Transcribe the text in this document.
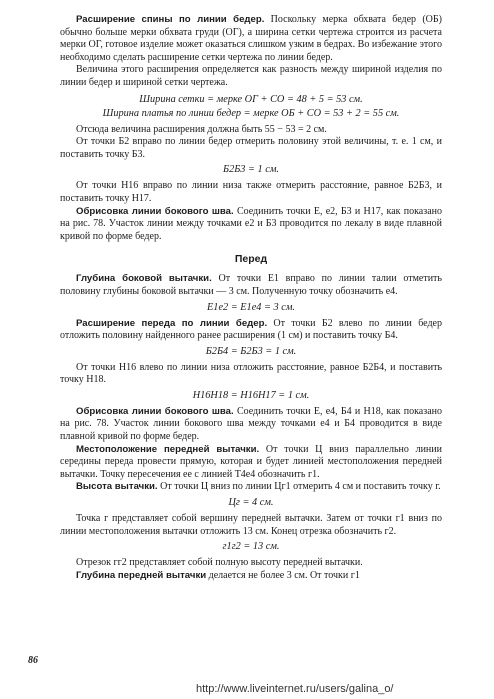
Расширение спины по линии бедер. Поскольку мерка обхвата бедер (ОБ) обычно больше мерки обхвата груди (ОГ), а ширина сетки чертежа строится из расчета мерки ОГ, готовое изделие может оказаться слишком узким в бедрах. Во избежание этого необходимо сделать расширение сетки чертежа по линии бедер.

Величина этого расширения определяется как разность между шириной изделия по линии бедер и шириной сетки чертежа.

Ширина сетки = мерке ОГ + СО = 48 + 5 = 53 см.
Ширина платья по линии бедер = мерке ОБ + СО = 53 + 2 = 55 см.

Отсюда величина расширения должна быть 55 − 53 = 2 см.

От точки Б2 вправо по линии бедер отмерить половину этой величины, т. е. 1 см, и поставить точку Б3.

Б2Б3 = 1 см.

От точки Н16 вправо по линии низа также отмерить расстояние, равное Б2Б3, и поставить точку Н17.

Обрисовка линии бокового шва. Соединить точки Е, е2, Б3 и Н17, как показано на рис. 78. Участок линии между точками е2 и Б3 проводится по лекалу в виде плавной кривой по форме бедер.

Перед

Глубина боковой вытачки. От точки Е1 вправо по линии талии отметить половину глубины боковой вытачки — 3 см. Полученную точку обозначить е4.

Е1е2 = Е1е4 = 3 см.

Расширение переда по линии бедер. От точки Б2 влево по линии бедер отложить половину найденного ранее расширения (1 см) и поставить точку Б4.

Б2Б4 = Б2Б3 = 1 см.

От точки Н16 влево по линии низа отложить расстояние, равное Б2Б4, и поставить точку Н18.

Н16Н18 = Н16Н17 = 1 см.

Обрисовка линии бокового шва. Соединить точки Е, е4, Б4 и Н18, как показано на рис. 78. Участок линии бокового шва между точками е4 и Б4 проводится в виде плавной кривой по форме бедер.

Местоположение передней вытачки. От точки Ц вниз параллельно линии середины переда провести прямую, которая и будет линией местоположения передней вытачки. Точку пересечения ее с линией Т4е4 обозначить г1.

Высота вытачки. От точки Ц вниз по линии Цг1 отмерить 4 см и поставить точку г.

Цг = 4 см.

Точка г представляет собой вершину передней вытачки. Затем от точки г1 вниз по линии местоположения вытачки отложить 13 см. Конец отрезка обозначить г2.

г1г2 = 13 см.

Отрезок гг2 представляет собой полную высоту передней вытачки.

Глубина передней вытачки делается не более 3 см. От точки г1

86
http://www.liveinternet.ru/users/galina_o/
